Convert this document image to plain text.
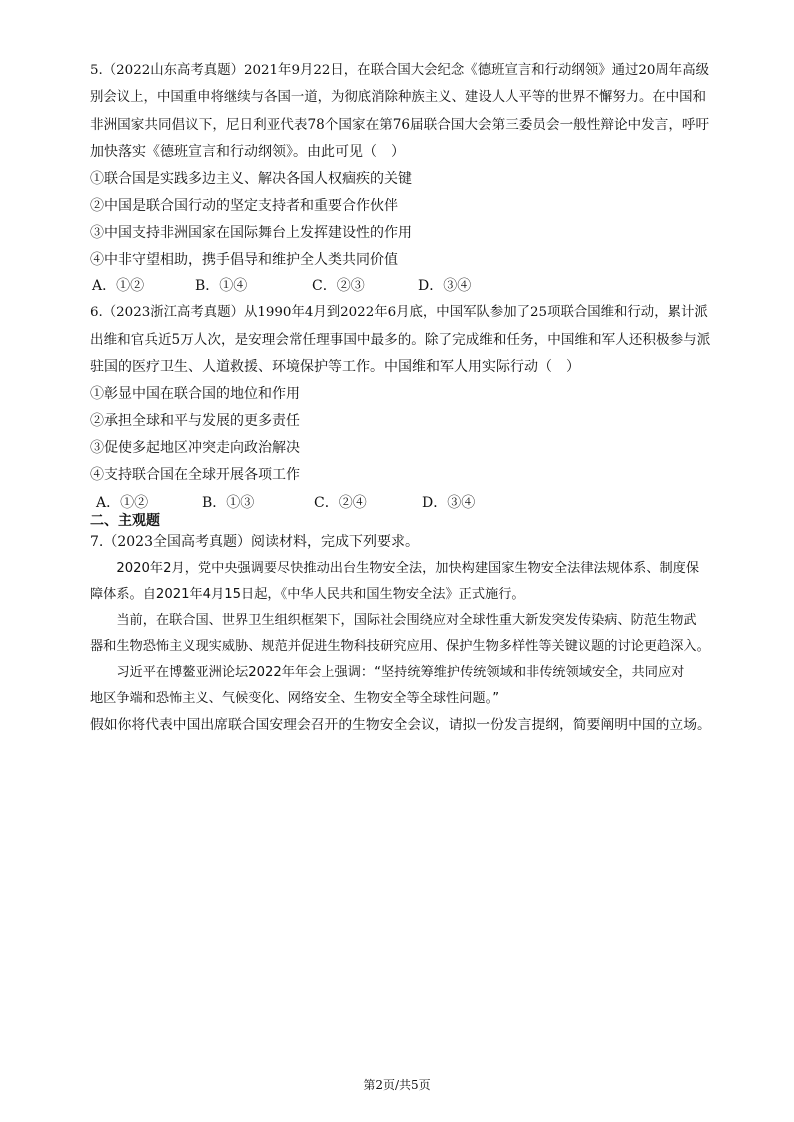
5.（2022山东高考真题）2021年9月22日，在联合国大会纪念《德班宣言和行动纲领》通过20周年高级
别会议上，中国重申将继续与各国一道，为彻底消除种族主义、建设人人平等的世界不懈努力。在中国和
非洲国家共同倡议下，尼日利亚代表78个国家在第76届联合国大会第三委员会一般性辩论中发言，呼吁
加快落实《德班宣言和行动纲领》。由此可见（　）
①联合国是实践多边主义、解决各国人权痼疾的关键
②中国是联合国行动的坚定支持者和重要合作伙伴
③中国支持非洲国家在国际舞台上发挥建设性的作用
④中非守望相助，携手倡导和维护全人类共同价值
A．①②	B．①④	C．②③	D．③④
6.（2023浙江高考真题）从1990年4月到2022年6月底，中国军队参加了25项联合国维和行动，累计派
出维和官兵近5万人次，是安理会常任理事国中最多的。除了完成维和任务，中国维和军人还积极参与派
驻国的医疗卫生、人道救援、环境保护等工作。中国维和军人用实际行动（　）
①彰显中国在联合国的地位和作用
②承担全球和平与发展的更多责任
③促使多起地区冲突走向政治解决
④支持联合国在全球开展各项工作
A．①②	B．①③	C．②④	D．③④
二、主观题
7.（2023全国高考真题）阅读材料，完成下列要求。
　　2020年2月，党中央强调要尽快推动出台生物安全法，加快构建国家生物安全法律法规体系、制度保
障体系。自2021年4月15日起，《中华人民共和国生物安全法》正式施行。
　　当前，在联合国、世界卫生组织框架下，国际社会围绕应对全球性重大新发突发传染病、防范生物武
器和生物恐怖主义现实威胁、规范并促进生物科技研究应用、保护生物多样性等关键议题的讨论更趋深入。
　　习近平在博鳌亚洲论坛2022年年会上强调：“坚持统筹维护传统领域和非传统领域安全，共同应对
地区争端和恐怖主义、气候变化、网络安全、生物安全等全球性问题。”
假如你将代表中国出席联合国安理会召开的生物安全会议，请拟一份发言提纲，简要阐明中国的立场。
第2页/共5页
